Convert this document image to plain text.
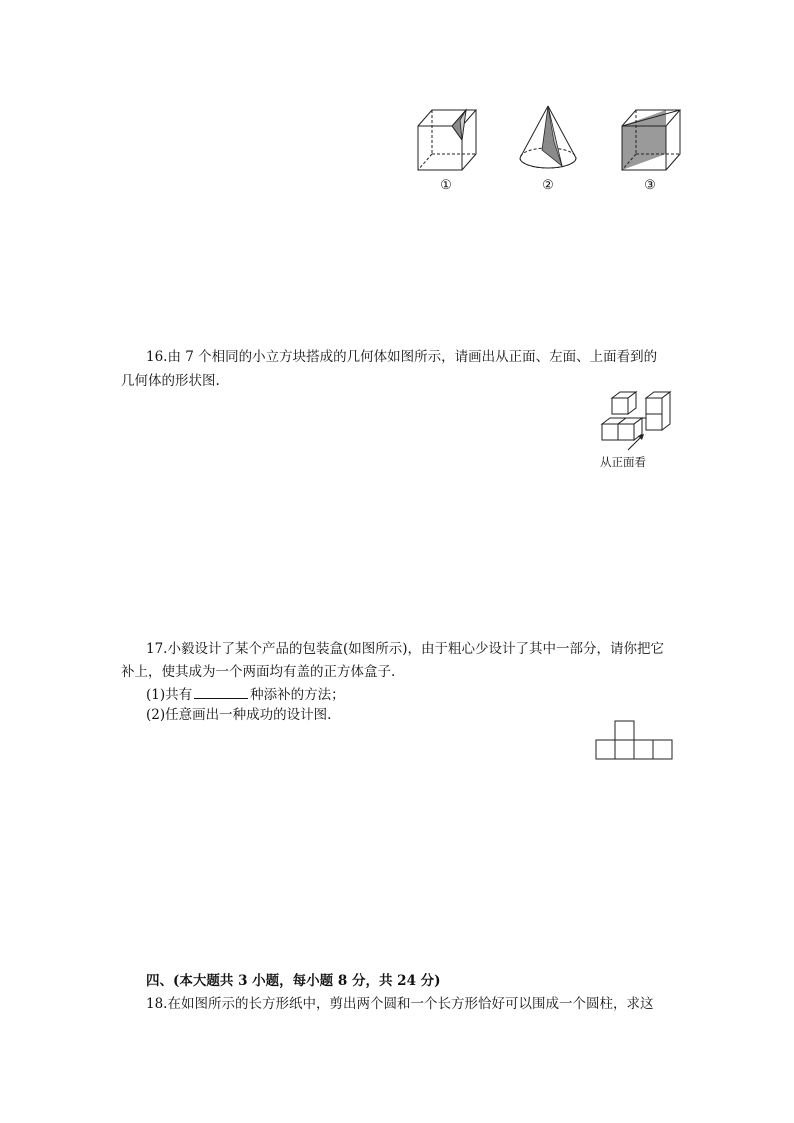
①	②	③
16.由 7 个相同的小立方块搭成的几何体如图所示，请画出从正面、左面、上面看到的
几何体的形状图.
从正面看
17.小毅设计了某个产品的包装盒(如图所示)，由于粗心少设计了其中一部分，请你把它
补上，使其成为一个两面均有盖的正方体盒子.
(1)共有	种添补的方法；
(2)任意画出一种成功的设计图.
四、(本大题共 3 小题，每小题 8 分，共 24 分)
18.在如图所示的长方形纸中，剪出两个圆和一个长方形恰好可以围成一个圆柱，求这
